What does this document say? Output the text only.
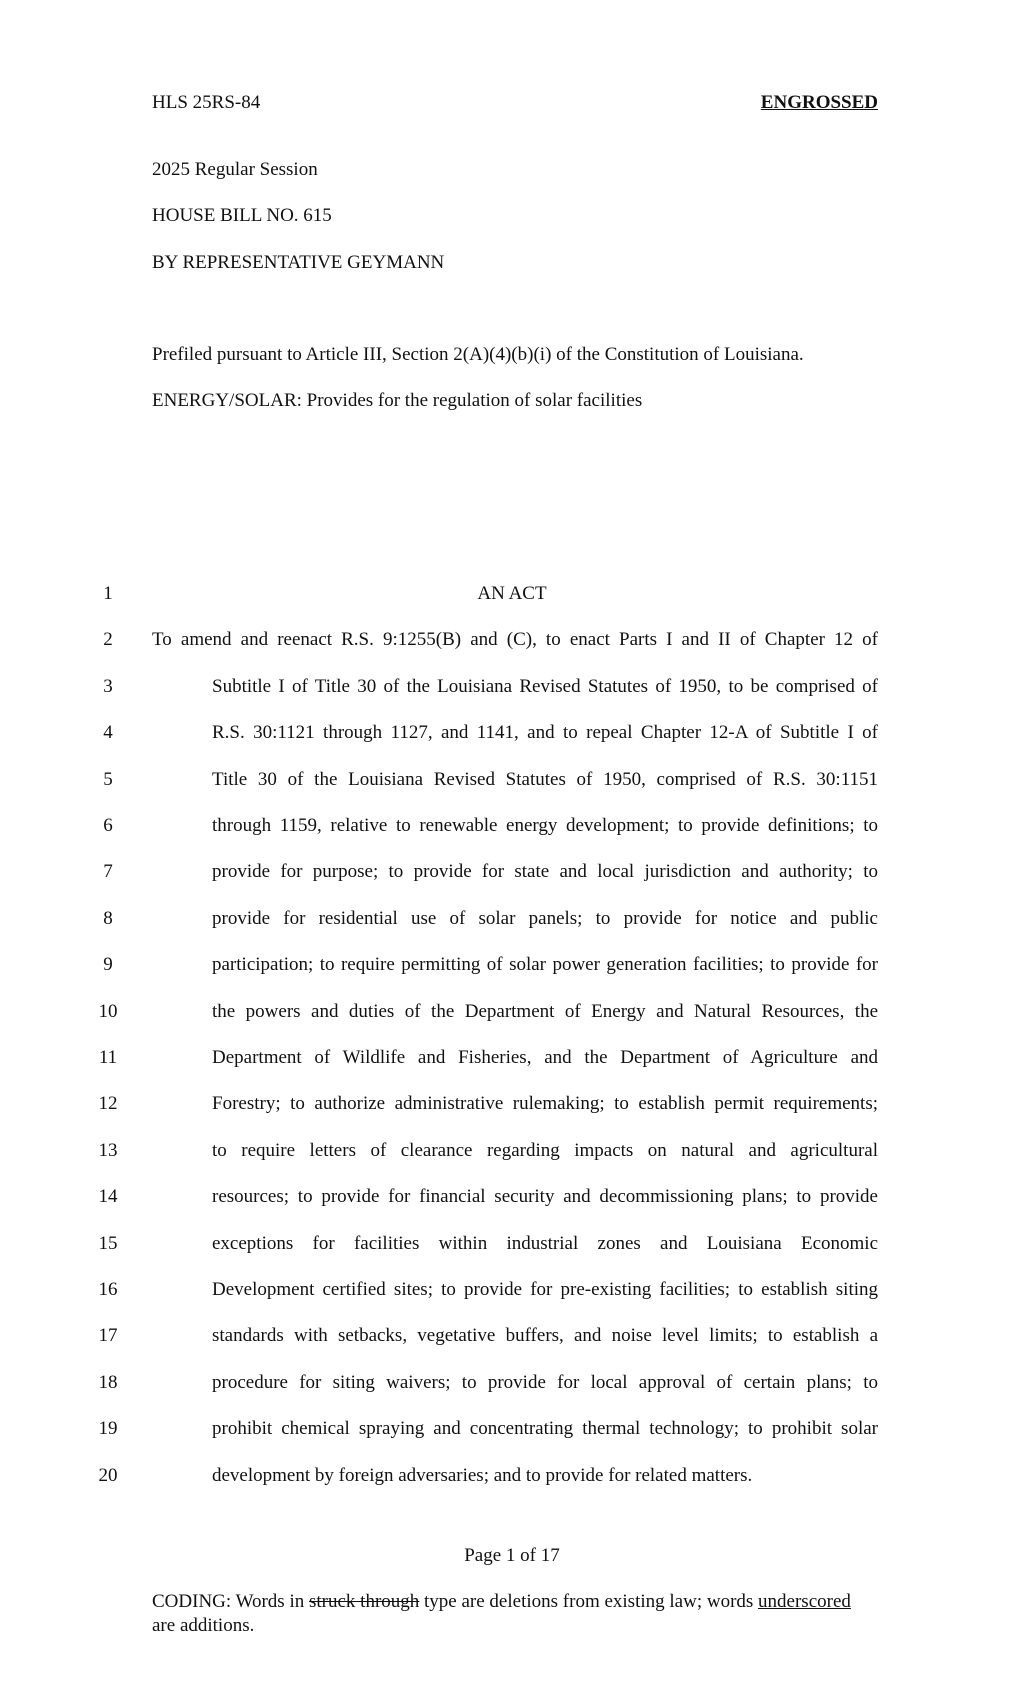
HLS 25RS-84	ENGROSSED
2025 Regular Session
HOUSE BILL NO. 615
BY REPRESENTATIVE GEYMANN
Prefiled pursuant to Article III, Section 2(A)(4)(b)(i) of the Constitution of Louisiana.
ENERGY/SOLAR: Provides for the regulation of solar facilities
1	AN ACT
2	To amend and reenact R.S. 9:1255(B) and (C), to enact Parts I and II of Chapter 12 of
3	Subtitle I of Title 30 of the Louisiana Revised Statutes of 1950, to be comprised of
4	R.S. 30:1121 through 1127, and 1141, and to repeal Chapter 12-A of Subtitle I of
5	Title 30 of the Louisiana Revised Statutes of 1950, comprised of R.S. 30:1151
6	through 1159, relative to renewable energy development; to provide definitions; to
7	provide for purpose; to provide for state and local jurisdiction and authority; to
8	provide for residential use of solar panels; to provide for notice and public
9	participation; to require permitting of solar power generation facilities; to provide for
10	the powers and duties of the Department of Energy and Natural Resources, the
11	Department of Wildlife and Fisheries, and the Department of Agriculture and
12	Forestry; to authorize administrative rulemaking; to establish permit requirements;
13	to require letters of clearance regarding impacts on natural and agricultural
14	resources; to provide for financial security and decommissioning plans; to provide
15	exceptions for facilities within industrial zones and Louisiana Economic
16	Development certified sites; to provide for pre-existing facilities; to establish siting
17	standards with setbacks, vegetative buffers, and noise level limits; to establish a
18	procedure for siting waivers; to provide for local approval of certain plans; to
19	prohibit chemical spraying and concentrating thermal technology; to prohibit solar
20	development by foreign adversaries; and to provide for related matters.
Page 1 of 17
CODING: Words in struck through type are deletions from existing law; words underscored are additions.
